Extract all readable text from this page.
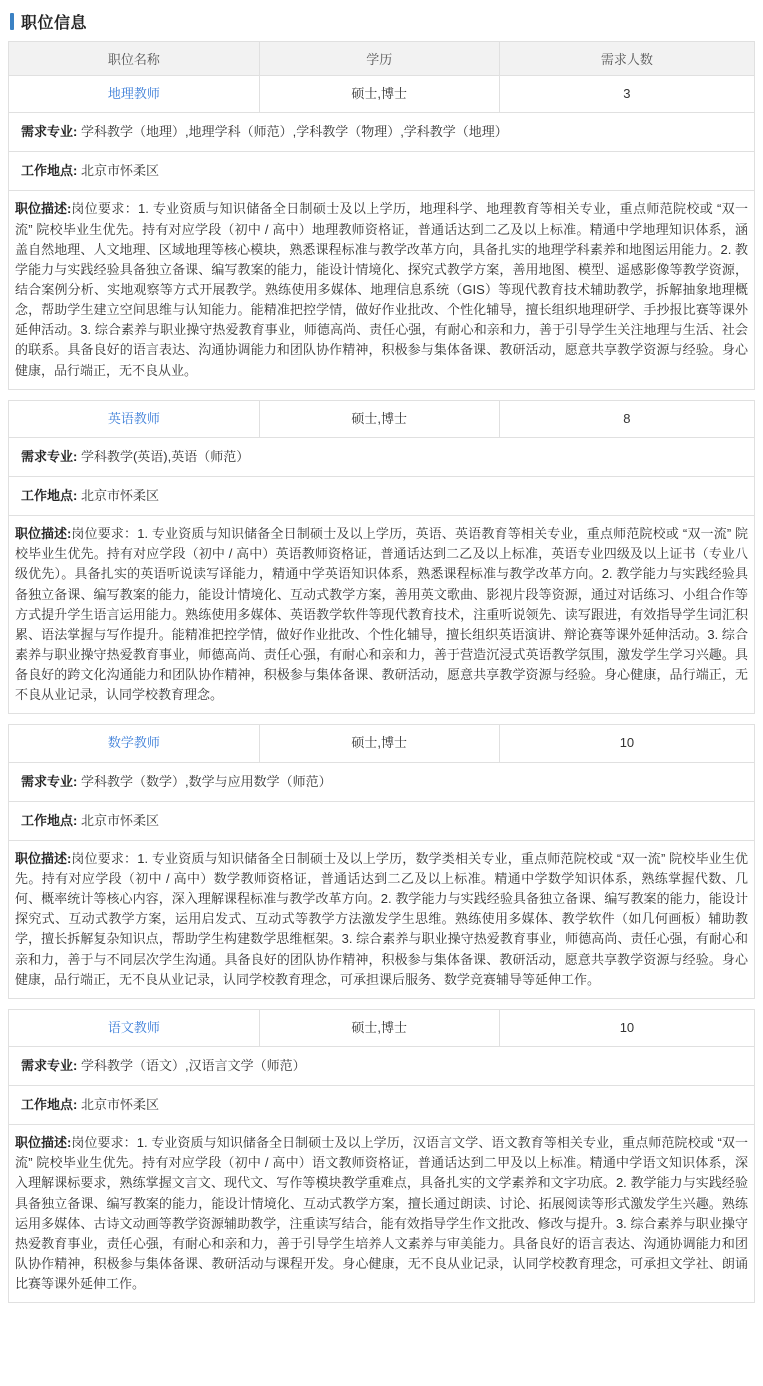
职位信息
职位名称	学历	需求人数
地理教师	硕士,博士	3
需求专业: 学科教学（地理）,地理学科（师范）,学科教学（物理）,学科教学（地理）		
工作地点: 北京市怀柔区		

职位描述: 岗位要求：1. 专业资质与知识储备全日制硕士及以上学历，地理科学、地理教育等相关专业，重点师范院校或 “双一流” 院校毕业生优先。持有对应学段（初中 / 高中）地理教师资格证，普通话达到二乙及以上标准。精通中学地理知识体系，涵盖自然地理、人文地理、区域地理等核心模块，熟悉课程标准与教学改革方向，具备扎实的地理学科素养和地图运用能力。2. 教学能力与实践经验具备独立备课、编写教案的能力，能设计情境化、探究式教学方案，善用地图、模型、遥感影像等教学资源，结合案例分析、实地观察等方式开展教学。熟练使用多媒体、地理信息系统（GIS）等现代教育技术辅助教学，拆解抽象地理概念，帮助学生建立空间思维与认知能力。能精准把控学情，做好作业批改、个性化辅导，擅长组织地理研学、手抄报比赛等课外延伸活动。3. 综合素养与职业操守热爱教育事业，师德高尚、责任心强，有耐心和亲和力，善于引导学生关注地理与生活、社会的联系。具备良好的语言表达、沟通协调能力和团队协作精神，积极参与集体备课、教研活动，愿意共享教学资源与经验。身心健康，品行端正，无不良从业。		
英语教师	硕士,博士	8
需求专业: 学科教学(英语),英语（师范）
工作地点: 北京市怀柔区

职位描述: 岗位要求：1. 专业资质与知识储备全日制硕士及以上学历，英语、英语教育等相关专业，重点师范院校或 “双一流” 院校毕业生优先。持有对应学段（初中 / 高中）英语教师资格证，普通话达到二乙及以上标准，英语专业四级及以上证书（专业八级优先）。具备扎实的英语听说读写译能力，精通中学英语知识体系，熟悉课程标准与教学改革方向。2. 教学能力与实践经验具备独立备课、编写教案的能力，能设计情境化、互动式教学方案，善用英文歌曲、影视片段等资源，通过对话练习、小组合作等方式提升学生语言运用能力。熟练使用多媒体、英语教学软件等现代教育技术，注重听说领先、读写跟进，有效指导学生词汇积累、语法掌握与写作提升。能精准把控学情，做好作业批改、个性化辅导，擅长组织英语演讲、辩论赛等课外延伸活动。3. 综合素养与职业操守热爱教育事业，师德高尚、责任心强，有耐心和亲和力，善于营造沉浸式英语教学氛围，激发学生学习兴趣。具备良好的跨文化沟通能力和团队协作精神，积极参与集体备课、教研活动，愿意共享教学资源与经验。身心健康，品行端正，无不良从业记录，认同学校教育理念。
数学教师	硕士,博士	10
需求专业: 学科教学（数学）,数学与应用数学（师范）
工作地点: 北京市怀柔区

职位描述: 岗位要求：1. 专业资质与知识储备全日制硕士及以上学历，数学类相关专业，重点师范院校或 “双一流” 院校毕业生优先。持有对应学段（初中 / 高中）数学教师资格证，普通话达到二乙及以上标准。精通中学数学知识体系，熟练掌握代数、几何、概率统计等核心内容，深入理解课程标准与教学改革方向。2. 教学能力与实践经验具备独立备课、编写教案的能力，能设计探究式、互动式教学方案，运用启发式、互动式等教学方法激发学生思维。熟练使用多媒体、教学软件（如几何画板）辅助教学，擅长拆解复杂知识点，帮助学生构建数学思维框架。3. 综合素养与职业操守热爱教育事业，师德高尚、责任心强，有耐心和亲和力，善于与不同层次学生沟通。具备良好的团队协作精神，积极参与集体备课、教研活动，愿意共享教学资源与经验。身心健康，品行端正，无不良从业记录，认同学校教育理念，可承担课后服务、数学竞赛辅导等延伸工作。
语文教师	硕士,博士	10
需求专业: 学科教学（语文）,汉语言文学（师范）
工作地点: 北京市怀柔区

职位描述: 岗位要求：1. 专业资质与知识储备全日制硕士及以上学历，汉语言文学、语文教育等相关专业，重点师范院校或 “双一流” 院校毕业生优先。持有对应学段（初中 / 高中）语文教师资格证，普通话达到二甲及以上标准。精通中学语文知识体系，深入理解课标要求，熟练掌握文言文、现代文、写作等模块教学重难点，具备扎实的文学素养和文字功底。2. 教学能力与实践经验具备独立备课、编写教案的能力，能设计情境化、互动式教学方案，擅长通过朗读、讨论、拓展阅读等形式激发学生兴趣。熟练运用多媒体、古诗文动画等教学资源辅助教学，注重读写结合，能有效指导学生作文批改、修改与提升。3. 综合素养与职业操守热爱教育事业，责任心强，有耐心和亲和力，善于引导学生培养人文素养与审美能力。具备良好的语言表达、沟通协调能力和团队协作精神，积极参与集体备课、教研活动与课程开发。身心健康，无不良从业记录，认同学校教育理念，可承担文学社、朗诵比赛等课外延伸工作。
